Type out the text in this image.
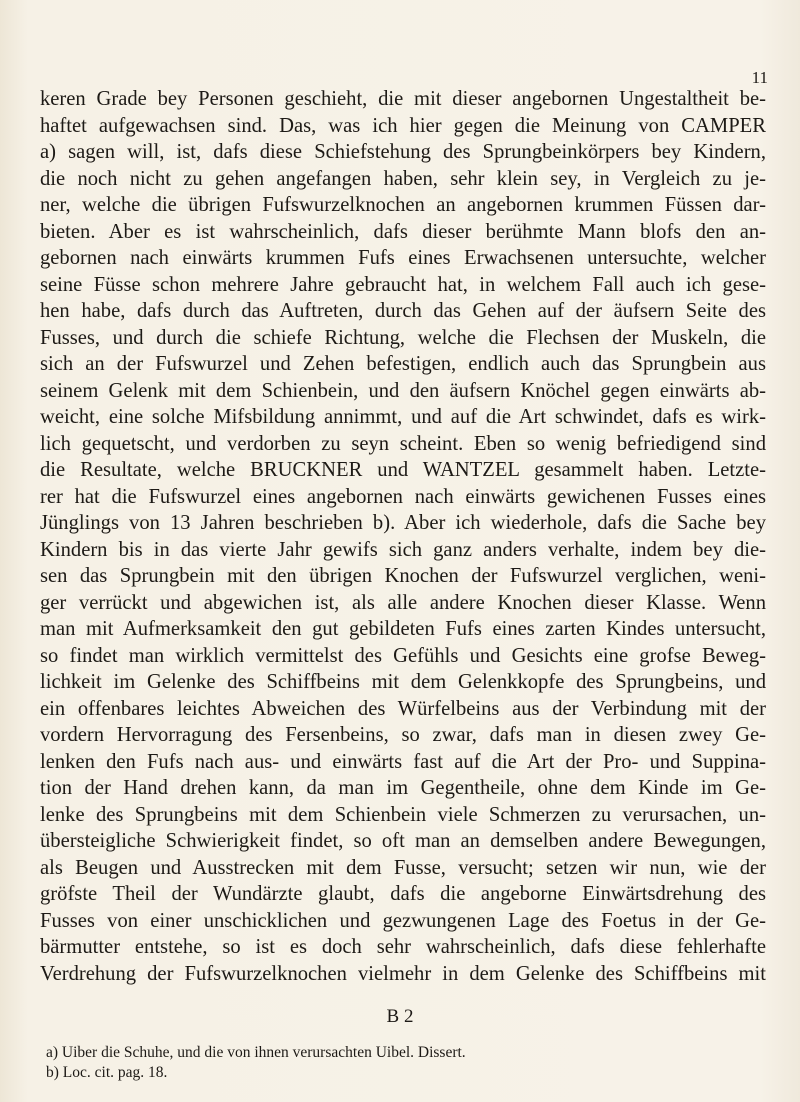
11
keren Grade bey Personen geschieht, die mit dieser angebornen Ungestaltheit be-
haftet aufgewachsen sind. Das, was ich hier gegen die Meinung von CAMPER
a) sagen will, ist, dafs diese Schiefstehung des Sprungbeinkörpers bey Kindern,
die noch nicht zu gehen angefangen haben, sehr klein sey, in Vergleich zu je-
ner, welche die übrigen Fufswurzelknochen an angebornen krummen Füssen dar-
bieten. Aber es ist wahrscheinlich, dafs dieser berühmte Mann blofs den an-
gebornen nach einwärts krummen Fufs eines Erwachsenen untersuchte, welcher
seine Füsse schon mehrere Jahre gebraucht hat, in welchem Fall auch ich gese-
hen habe, dafs durch das Auftreten, durch das Gehen auf der äufsern Seite des
Fusses, und durch die schiefe Richtung, welche die Flechsen der Muskeln, die
sich an der Fufswurzel und Zehen befestigen, endlich auch das Sprungbein aus
seinem Gelenk mit dem Schienbein, und den äufsern Knöchel gegen einwärts ab-
weicht, eine solche Mifsbildung annimmt, und auf die Art schwindet, dafs es wirk-
lich gequetscht, und verdorben zu seyn scheint. Eben so wenig befriedigend sind
die Resultate, welche BRUCKNER und WANTZEL gesammelt haben. Letzte-
rer hat die Fufswurzel eines angebornen nach einwärts gewichenen Fusses eines
Jünglings von 13 Jahren beschrieben b). Aber ich wiederhole, dafs die Sache bey
Kindern bis in das vierte Jahr gewifs sich ganz anders verhalte, indem bey die-
sen das Sprungbein mit den übrigen Knochen der Fufswurzel verglichen, weni-
ger verrückt und abgewichen ist, als alle andere Knochen dieser Klasse. Wenn
man mit Aufmerksamkeit den gut gebildeten Fufs eines zarten Kindes untersucht,
so findet man wirklich vermittelst des Gefühls und Gesichts eine grofse Beweg-
lichkeit im Gelenke des Schiffbeins mit dem Gelenkkopfe des Sprungbeins, und
ein offenbares leichtes Abweichen des Würfelbeins aus der Verbindung mit der
vordern Hervorragung des Fersenbeins, so zwar, dafs man in diesen zwey Ge-
lenken den Fufs nach aus- und einwärts fast auf die Art der Pro- und Suppina-
tion der Hand drehen kann, da man im Gegentheile, ohne dem Kinde im Ge-
lenke des Sprungbeins mit dem Schienbein viele Schmerzen zu verursachen, un-
übersteigliche Schwierigkeit findet, so oft man an demselben andere Bewegungen,
als Beugen und Ausstrecken mit dem Fusse, versucht; setzen wir nun, wie der
gröfste Theil der Wundärzte glaubt, dafs die angeborne Einwärtsdrehung des
Fusses von einer unschicklichen und gezwungenen Lage des Foetus in der Ge-
bärmutter entstehe, so ist es doch sehr wahrscheinlich, dafs diese fehlerhafte
Verdrehung der Fufswurzelknochen vielmehr in dem Gelenke des Schiffbeins mit
B 2
a) Uiber die Schuhe, und die von ihnen verursachten Uibel. Dissert.
b) Loc. cit. pag. 18.
